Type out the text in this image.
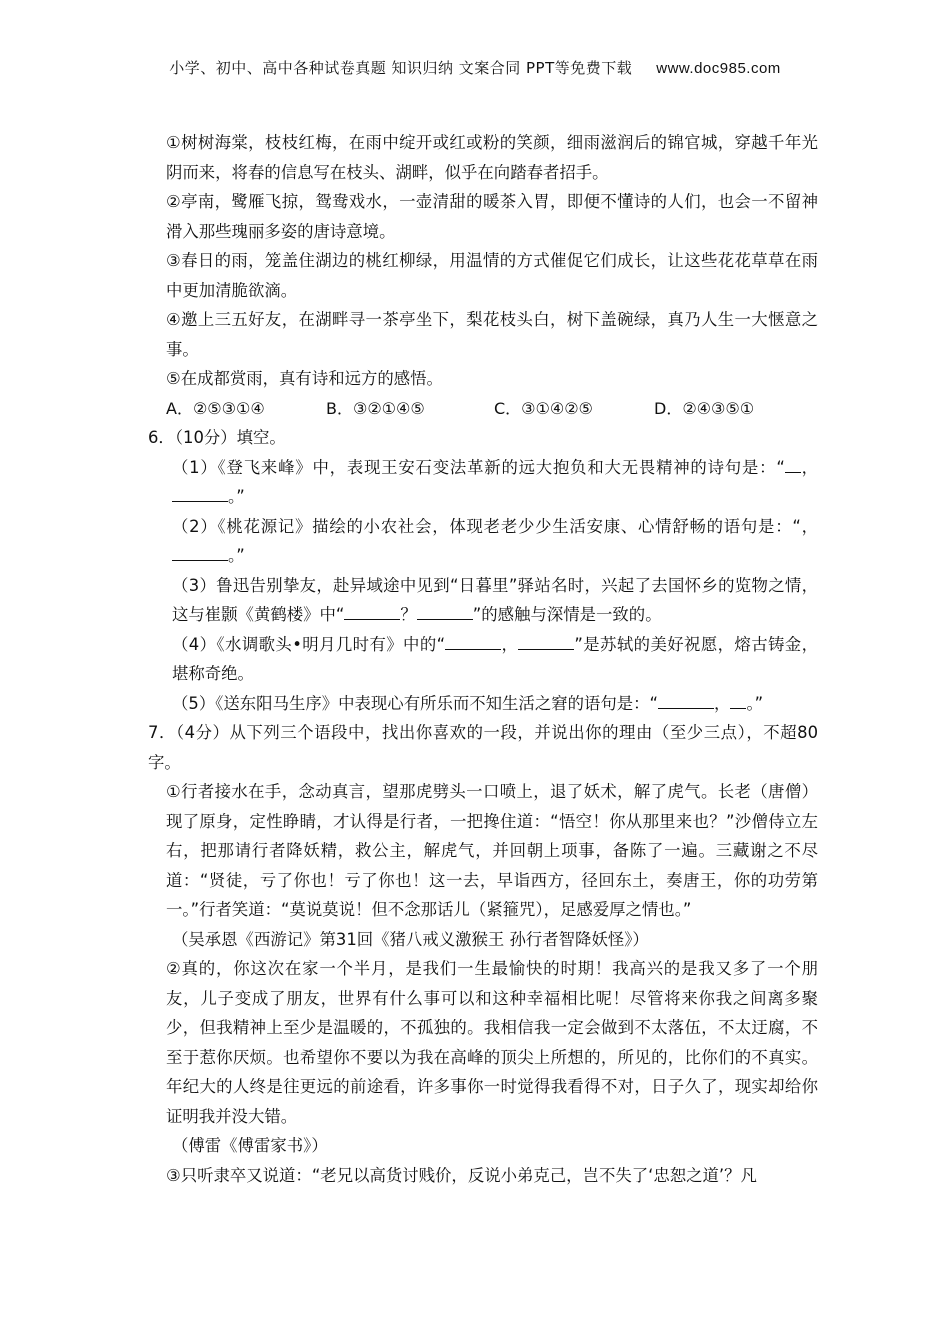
小学、初中、高中各种试卷真题 知识归纳 文案合同 PPT等免费下载 www.doc985.com

①树树海棠，枝枝红梅，在雨中绽开或红或粉的笑颜，细雨滋润后的锦官城，穿越千年光阴而来，将春的信息写在枝头、湖畔，似乎在向踏春者招手。

②亭南，鹭雁飞掠，鸳鸯戏水，一壶清甜的暖茶入胃，即便不懂诗的人们，也会一不留神滑入那些瑰丽多姿的唐诗意境。

③春日的雨，笼盖住湖边的桃红柳绿，用温情的方式催促它们成长，让这些花花草草在雨中更加清脆欲滴。

④邀上三五好友，在湖畔寻一茶亭坐下，梨花枝头白，树下盖碗绿，真乃人生一大惬意之事。

⑤在成都赏雨，真有诗和远方的感悟。

A．②⑤③①④	B．③②①④⑤	C．③①④②⑤	D．②④③⑤①

6．（10分）填空。

（1）《登飞来峰》中，表现王安石变法革新的远大抱负和大无畏精神的诗句是：“ ，。”

（2）《桃花源记》描绘的小农社会，体现老老少少生活安康、心情舒畅的语句是：“，。”

（3）鲁迅告别挚友，赴异域途中见到“日暮里”驿站名时，兴起了去国怀乡的览物之情，这与崔颢《黄鹤楼》中“	？	”的感触与深情是一致的。

（4）《水调歌头•明月几时有》中的“	，	”是苏轼的美好祝愿，熔古铸金，堪称奇绝。

（5）《送东阳马生序》中表现心有所乐而不知生活之窘的语句是：“	， 。”

7．（4分）从下列三个语段中，找出你喜欢的一段，并说出你的理由（至少三点），不超80字。

①行者接水在手，念动真言，望那虎劈头一口喷上，退了妖术，解了虎气。长老（唐僧）现了原身，定性睁睛，才认得是行者，一把搀住道：“悟空！你从那里来也？”沙僧侍立左右，把那请行者降妖精，救公主，解虎气，并回朝上项事，备陈了一遍。三藏谢之不尽道：“贤徒，亏了你也！亏了你也！这一去，早诣西方，径回东土，奏唐王，你的功劳第一。”行者笑道：“莫说莫说！但不念那话儿（紧箍咒），足感爱厚之情也。”

（吴承恩《西游记》第31回《猪八戒义激猴王 孙行者智降妖怪》）

②真的，你这次在家一个半月，是我们一生最愉快的时期！我高兴的是我又多了一个朋友，儿子变成了朋友，世界有什么事可以和这种幸福相比呢！尽管将来你我之间离多聚少，但我精神上至少是温暖的，不孤独的。我相信我一定会做到不太落伍，不太迂腐，不至于惹你厌烦。也希望你不要以为我在高峰的顶尖上所想的，所见的，比你们的不真实。年纪大的人终是往更远的前途看，许多事你一时觉得我看得不对，日子久了，现实却给你证明我并没大错。

（傅雷《傅雷家书》）

③只听隶卒又说道：“老兄以高货讨贱价，反说小弟克己，岂不失了‘忠恕之道’？凡
